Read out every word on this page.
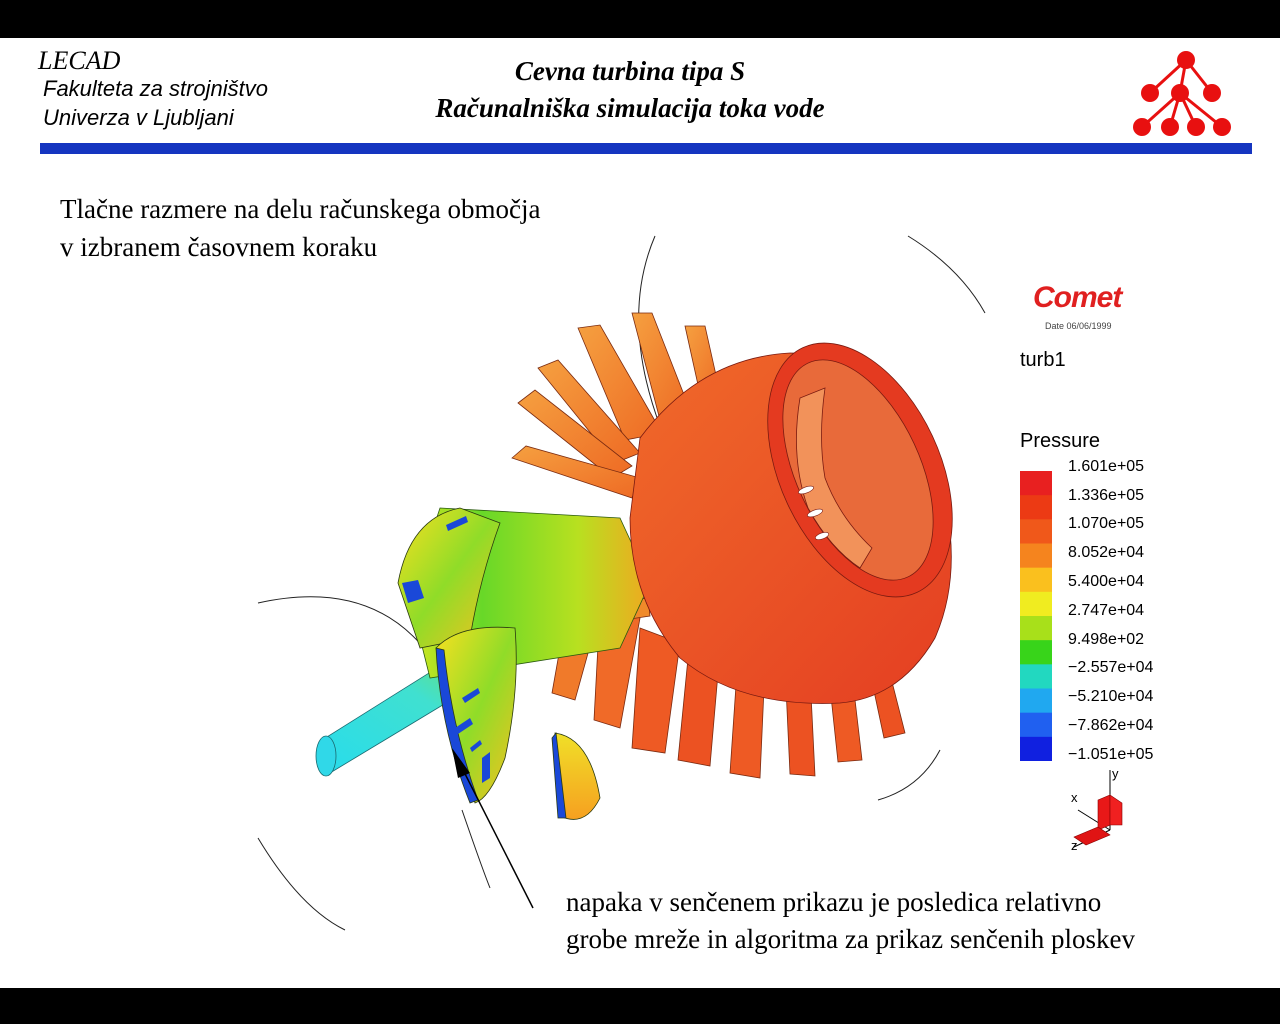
LECAD
Fakulteta za strojništvo
Univerza v Ljubljani
Cevna turbina tipa S
Računalniška simulacija toka vode
Tlačne razmere na delu računskega območja
v izbranem časovnem koraku
Comet
Date 06/06/1999
turb1
Pressure
1.601e+05
1.336e+05
1.070e+05
8.052e+04
5.400e+04
2.747e+04
9.498e+02
−2.557e+04
−5.210e+04
−7.862e+04
−1.051e+05
y
x
z
napaka v senčenem prikazu je posledica relativno
grobe mreže in algoritma za prikaz senčenih ploskev
